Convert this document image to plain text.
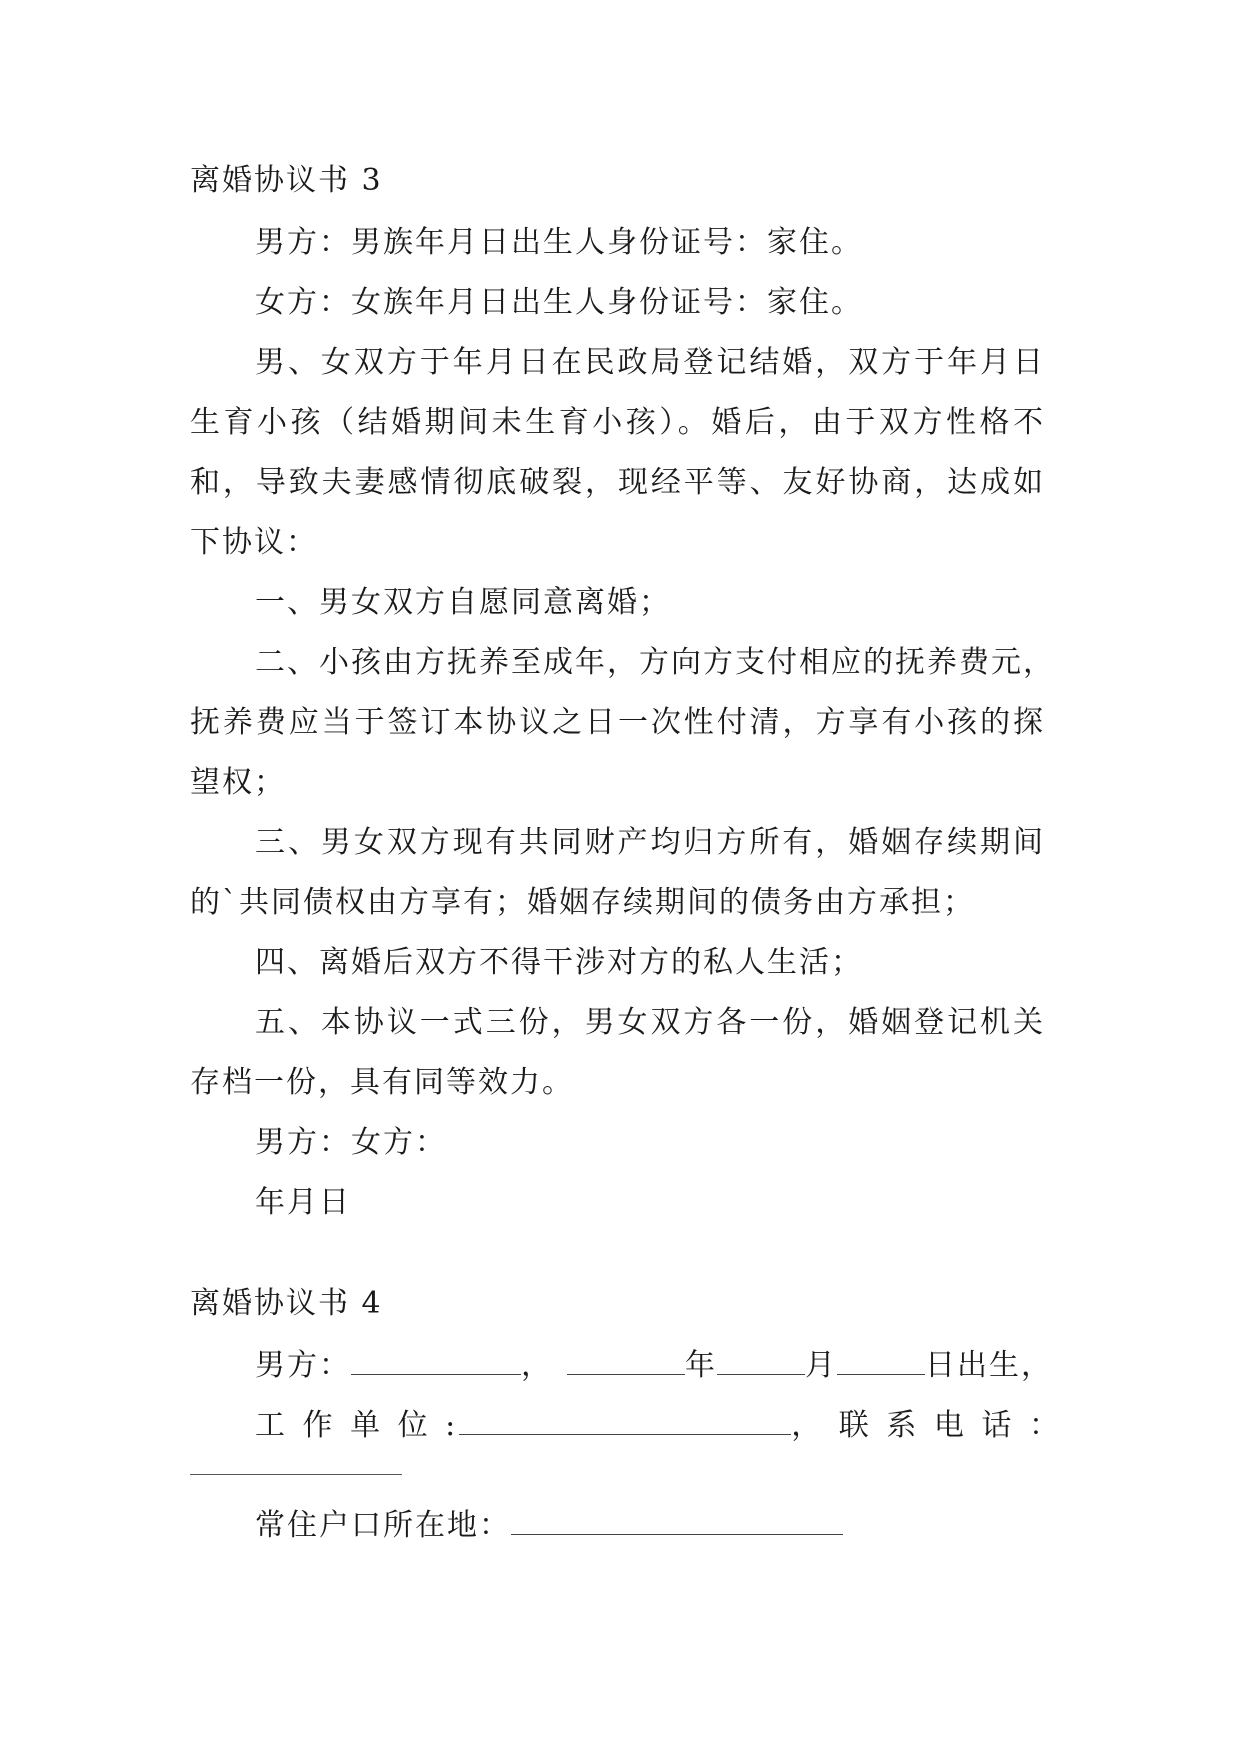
离婚协议书 3
男方：男族年月日出生人身份证号：家住。
女方：女族年月日出生人身份证号：家住。
男、女双方于年月日在民政局登记结婚，双方于年月日
生育小孩（结婚期间未生育小孩）。婚后，由于双方性格不
和，导致夫妻感情彻底破裂，现经平等、友好协商，达成如
下协议：
一、男女双方自愿同意离婚；
二、小孩由方抚养至成年，方向方支付相应的抚养费元，
抚养费应当于签订本协议之日一次性付清，方享有小孩的探
望权；
三、男女双方现有共同财产均归方所有，婚姻存续期间
的`共同债权由方享有；婚姻存续期间的债务由方承担；
四、离婚后双方不得干涉对方的私人生活；
五、本协议一式三份，男女双方各一份，婚姻登记机关
存档一份，具有同等效力。
男方：女方：
年月日
离婚协议书 4
男方：	，	年	月	日出生，
工 作 单 位 :	， 联 系 电 话 ：
常住户口所在地：
